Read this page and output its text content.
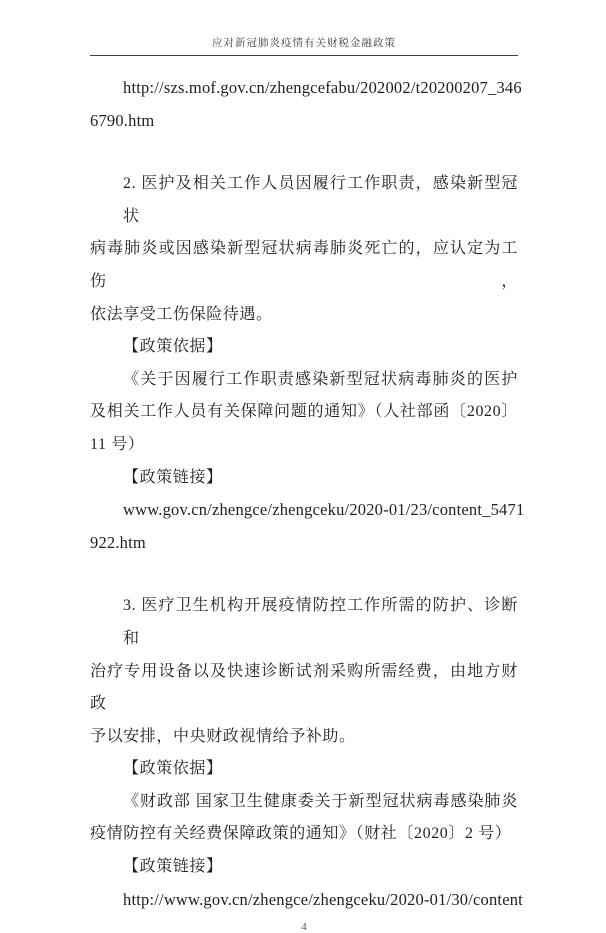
应对新冠肺炎疫情有关财税金融政策
http://szs.mof.gov.cn/zhengcefabu/202002/t20200207_346
6790.htm
2. 医护及相关工作人员因履行工作职责，感染新型冠状
病毒肺炎或因感染新型冠状病毒肺炎死亡的，应认定为工伤，
依法享受工伤保险待遇。
【政策依据】
《关于因履行工作职责感染新型冠状病毒肺炎的医护
及相关工作人员有关保障问题的通知》（人社部函〔2020〕
11 号）
【政策链接】
www.gov.cn/zhengce/zhengceku/2020-01/23/content_5471
922.htm
3. 医疗卫生机构开展疫情防控工作所需的防护、诊断和
治疗专用设备以及快速诊断试剂采购所需经费，由地方财政
予以安排，中央财政视情给予补助。
【政策依据】
《财政部 国家卫生健康委关于新型冠状病毒感染肺炎
疫情防控有关经费保障政策的通知》（财社〔2020〕2 号）
【政策链接】
http://www.gov.cn/zhengce/zhengceku/2020-01/30/content
4
